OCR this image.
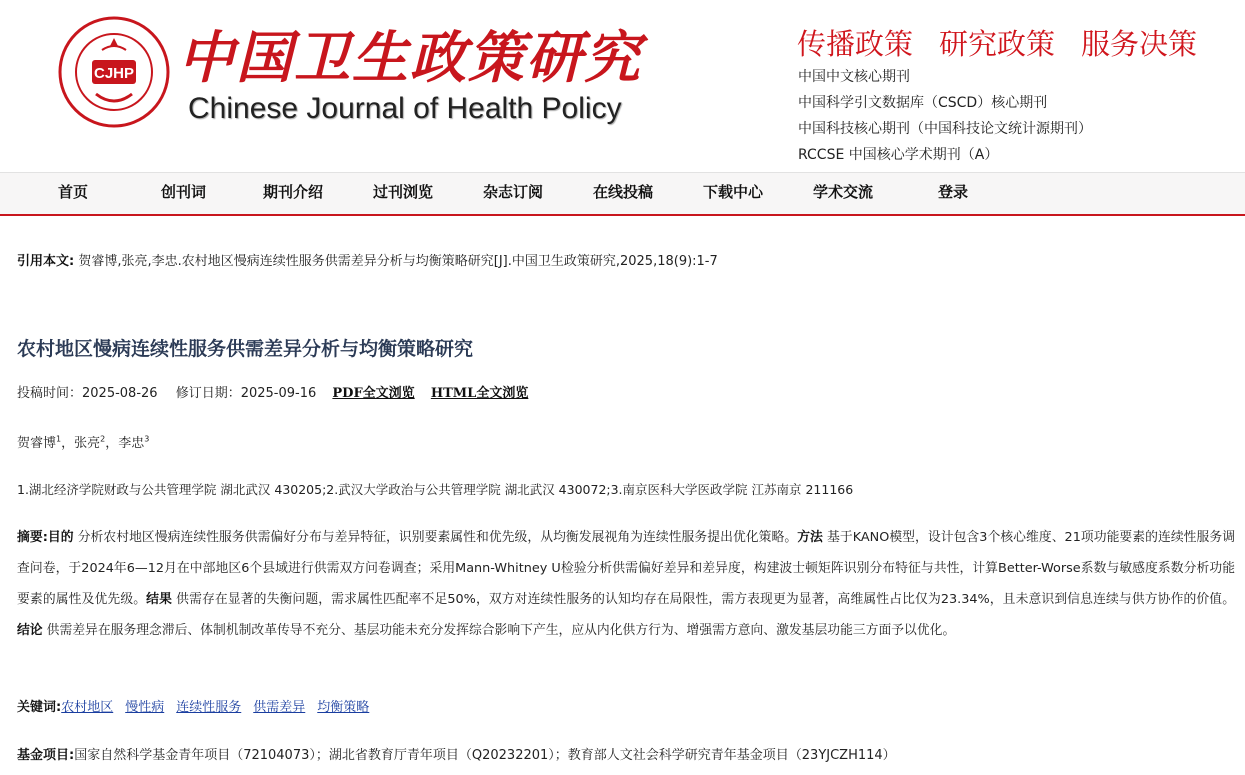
CJHP 中国卫生政策研究
Chinese Journal of Health Policy
传播政策 研究政策 服务决策
中国中文核心期刊
中国科学引文数据库（CSCD）核心期刊
中国科技核心期刊（中国科技论文统计源期刊）
RCCSE 中国核心学术期刊（A）
首页	创刊词	期刊介绍	过刊浏览	杂志订阅	在线投稿	下载中心	学术交流	登录
引用本文: 贺睿博,张亮,李忠.农村地区慢病连续性服务供需差异分析与均衡策略研究[J].中国卫生政策研究,2025,18(9):1-7
农村地区慢病连续性服务供需差异分析与均衡策略研究
投稿时间：2025-08-26 修订日期：2025-09-16 PDF全文浏览 HTML全文浏览
贺睿博$^1$，张亮$^2$，李忠$^3$
1.湖北经济学院财政与公共管理学院 湖北武汉 430205;2.武汉大学政治与公共管理学院 湖北武汉 430072;3.南京医科大学医政学院 江苏南京 211166
摘要:目的 分析农村地区慢病连续性服务供需偏好分布与差异特征，识别要素属性和优先级，从均衡发展视角为连续性服务提出优化策略。方法 基于KANO模型，设计包含3个核心维度、21项功能要素的连续性服务调查问卷，于2024年6—12月在中部地区6个县域进行供需双方问卷调查；采用Mann-Whitney U检验分析供需偏好差异和差异度，构建波士顿矩阵识别分布特征与共性，计算Better-Worse系数与敏感度系数分析功能要素的属性及优先级。结果 供需存在显著的失衡问题，需求属性匹配率不足50%，双方对连续性服务的认知均存在局限性，需方表现更为显著，高维属性占比仅为23.34%，且未意识到信息连续与供方协作的价值。结论 供需差异在服务理念滞后、体制机制改革传导不充分、基层功能未充分发挥综合影响下产生，应从内化供方行为、增强需方意向、激发基层功能三方面予以优化。
关键词:农村地区 慢性病 连续性服务 供需差异 均衡策略
基金项目:国家自然科学基金青年项目（72104073）；湖北省教育厅青年项目（Q20232201）；教育部人文社会科学研究青年基金项目（23YJCZH114）
